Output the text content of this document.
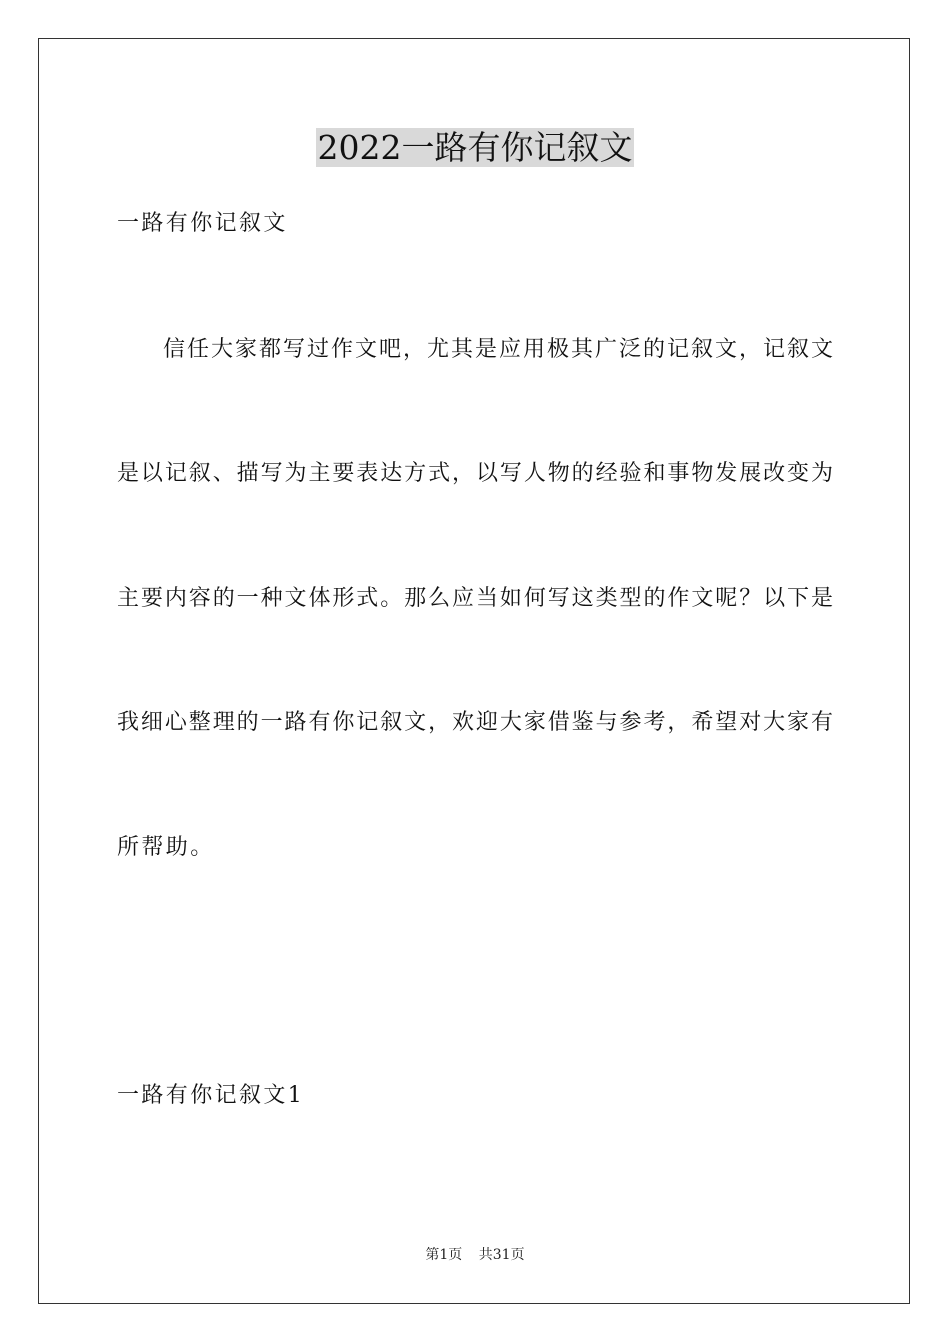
2022一路有你记叙文
一路有你记叙文
信任大家都写过作文吧，尤其是应用极其广泛的记叙文，记叙文
是以记叙、描写为主要表达方式，以写人物的经验和事物发展改变为
主要内容的一种文体形式。那么应当如何写这类型的作文呢？以下是
我细心整理的一路有你记叙文，欢迎大家借鉴与参考，希望对大家有
所帮助。
一路有你记叙文1
第1页 共31页
